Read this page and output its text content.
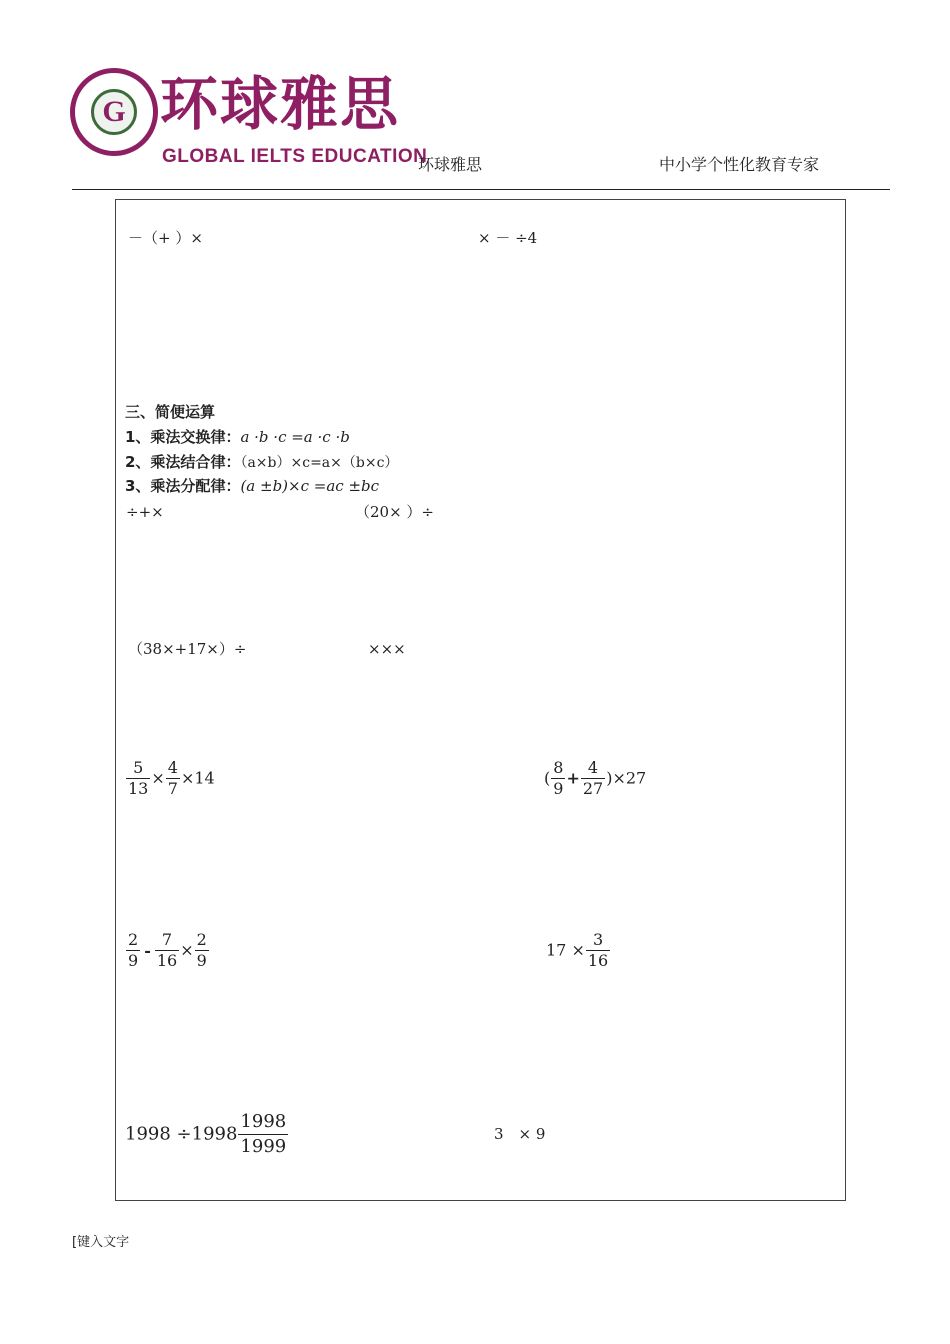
G 环球雅思
GLOBAL IELTS EDUCATION
环球雅思	中小学个性化教育专家
－（+ ）×	× － ÷4
三、简便运算
1、乘法交换律：a ·b ·c =a ·c ·b
2、乘法结合律：（a×b）×c=a×（b×c）
3、乘法分配律：(a ±b)×c =ac ±bc
÷+×	（20× ）÷
（38×+17×）÷	×××
$\frac{5}{13} \times \frac{4}{7} \times 14$	( $\frac{8}{9} + \frac{4}{27} )\times 27$
$\frac{2}{9} - \frac{7}{16} \times \frac{2}{9}$	$17 \times \frac{3}{16}$
$1998 \div 1998 \frac{1998}{1999}$	3　× 9
[键入文字
